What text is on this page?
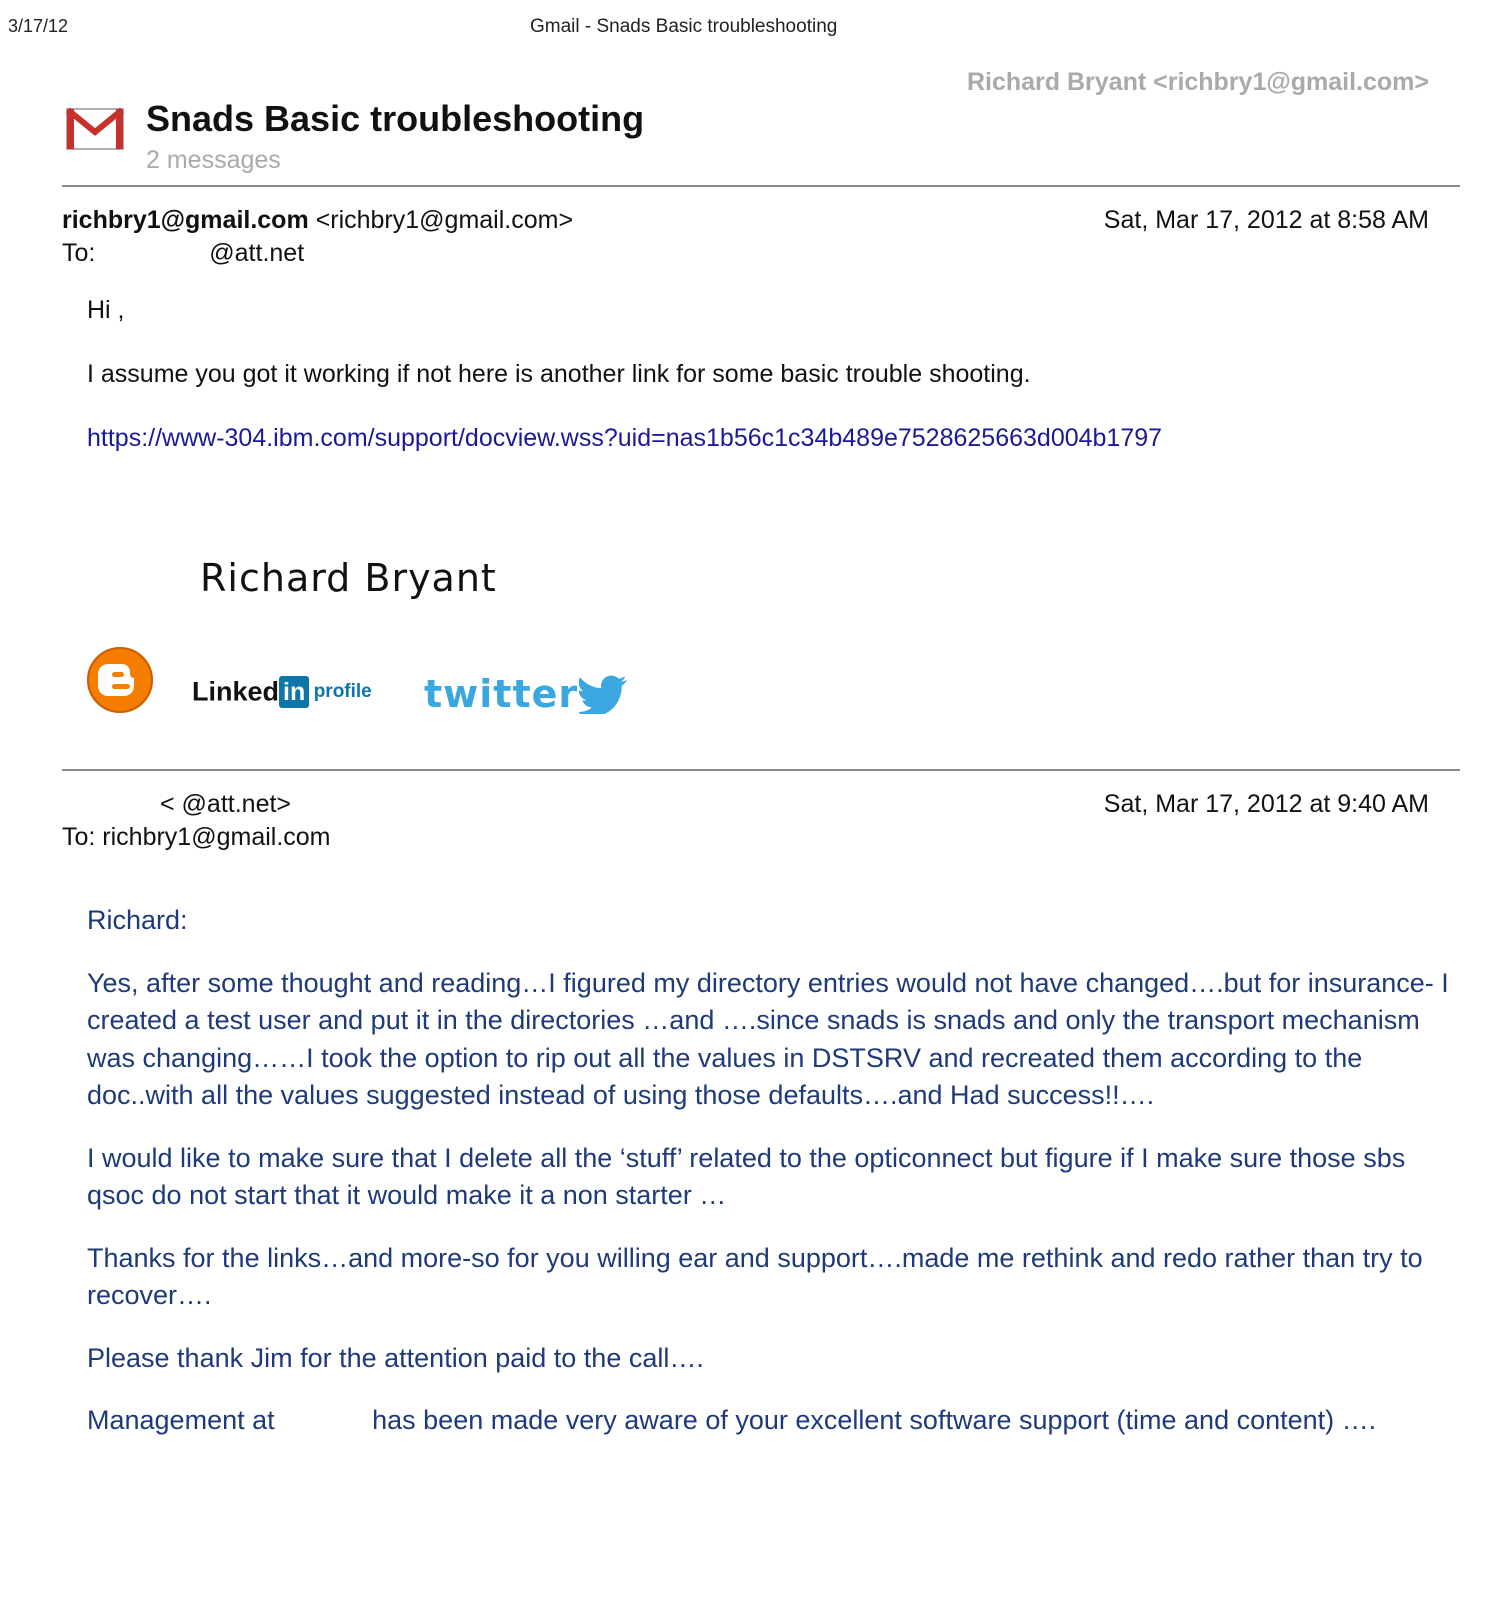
3/17/12	Gmail - Snads Basic troubleshooting
Richard Bryant <richbry1@gmail.com>
Snads Basic troubleshooting
2 messages
richbry1@gmail.com <richbry1@gmail.com>	Sat, Mar 17, 2012 at 8:58 AM
To:	@att.net
Hi ,
I assume you got it working if not here is another link for some basic trouble shooting.
https://www-304.ibm.com/support/docview.wss?uid=nas1b56c1c34b489e7528625663d004b1797
Richard Bryant
Linked in profile twitter
< @att.net>	Sat, Mar 17, 2012 at 9:40 AM
To: richbry1@gmail.com

Richard:

Yes, after some thought and reading…I figured my directory entries would not have changed….but for insurance- I created a test user and put it in the directories …and ….since snads is snads and only the transport mechanism was changing……I took the option to rip out all the values in DSTSRV and recreated them according to the doc..with all the values suggested instead of using those defaults….and Had success!!….

I would like to make sure that I delete all the ‘stuff’ related to the opticonnect but figure if I make sure those sbs qsoc do not start that it would make it a non starter …

Thanks for the links…and more-so for you willing ear and support….made me rethink and redo rather than try to recover….

Please thank Jim for the attention paid to the call….

Management at             has been made very aware of your excellent software support (time and content) ….
